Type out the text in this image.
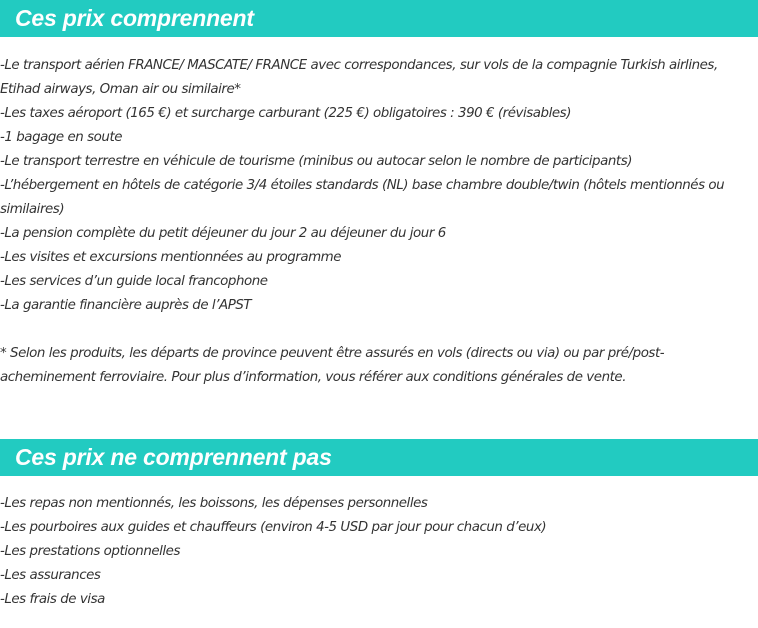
Ces prix comprennent
-Le transport aérien FRANCE/ MASCATE/ FRANCE avec correspondances, sur vols de la compagnie Turkish airlines, Etihad airways, Oman air ou similaire*
-Les taxes aéroport (165 €) et surcharge carburant (225 €) obligatoires : 390 € (révisables)
-1 bagage en soute
-Le transport terrestre en véhicule de tourisme (minibus ou autocar selon le nombre de participants)
-L’hébergement en hôtels de catégorie 3/4 étoiles standards (NL) base chambre double/twin (hôtels mentionnés ou similaires)
-La pension complète du petit déjeuner du jour 2 au déjeuner du jour 6
-Les visites et excursions mentionnées au programme
-Les services d’un guide local francophone
-La garantie financière auprès de l’APST
* Selon les produits, les départs de province peuvent être assurés en vols (directs ou via) ou par pré/post-acheminement ferroviaire. Pour plus d’information, vous référer aux conditions générales de vente.
Ces prix ne comprennent pas
-Les repas non mentionnés, les boissons, les dépenses personnelles
-Les pourboires aux guides et chauffeurs (environ 4-5 USD par jour pour chacun d’eux)
-Les prestations optionnelles
-Les assurances
-Les frais de visa
